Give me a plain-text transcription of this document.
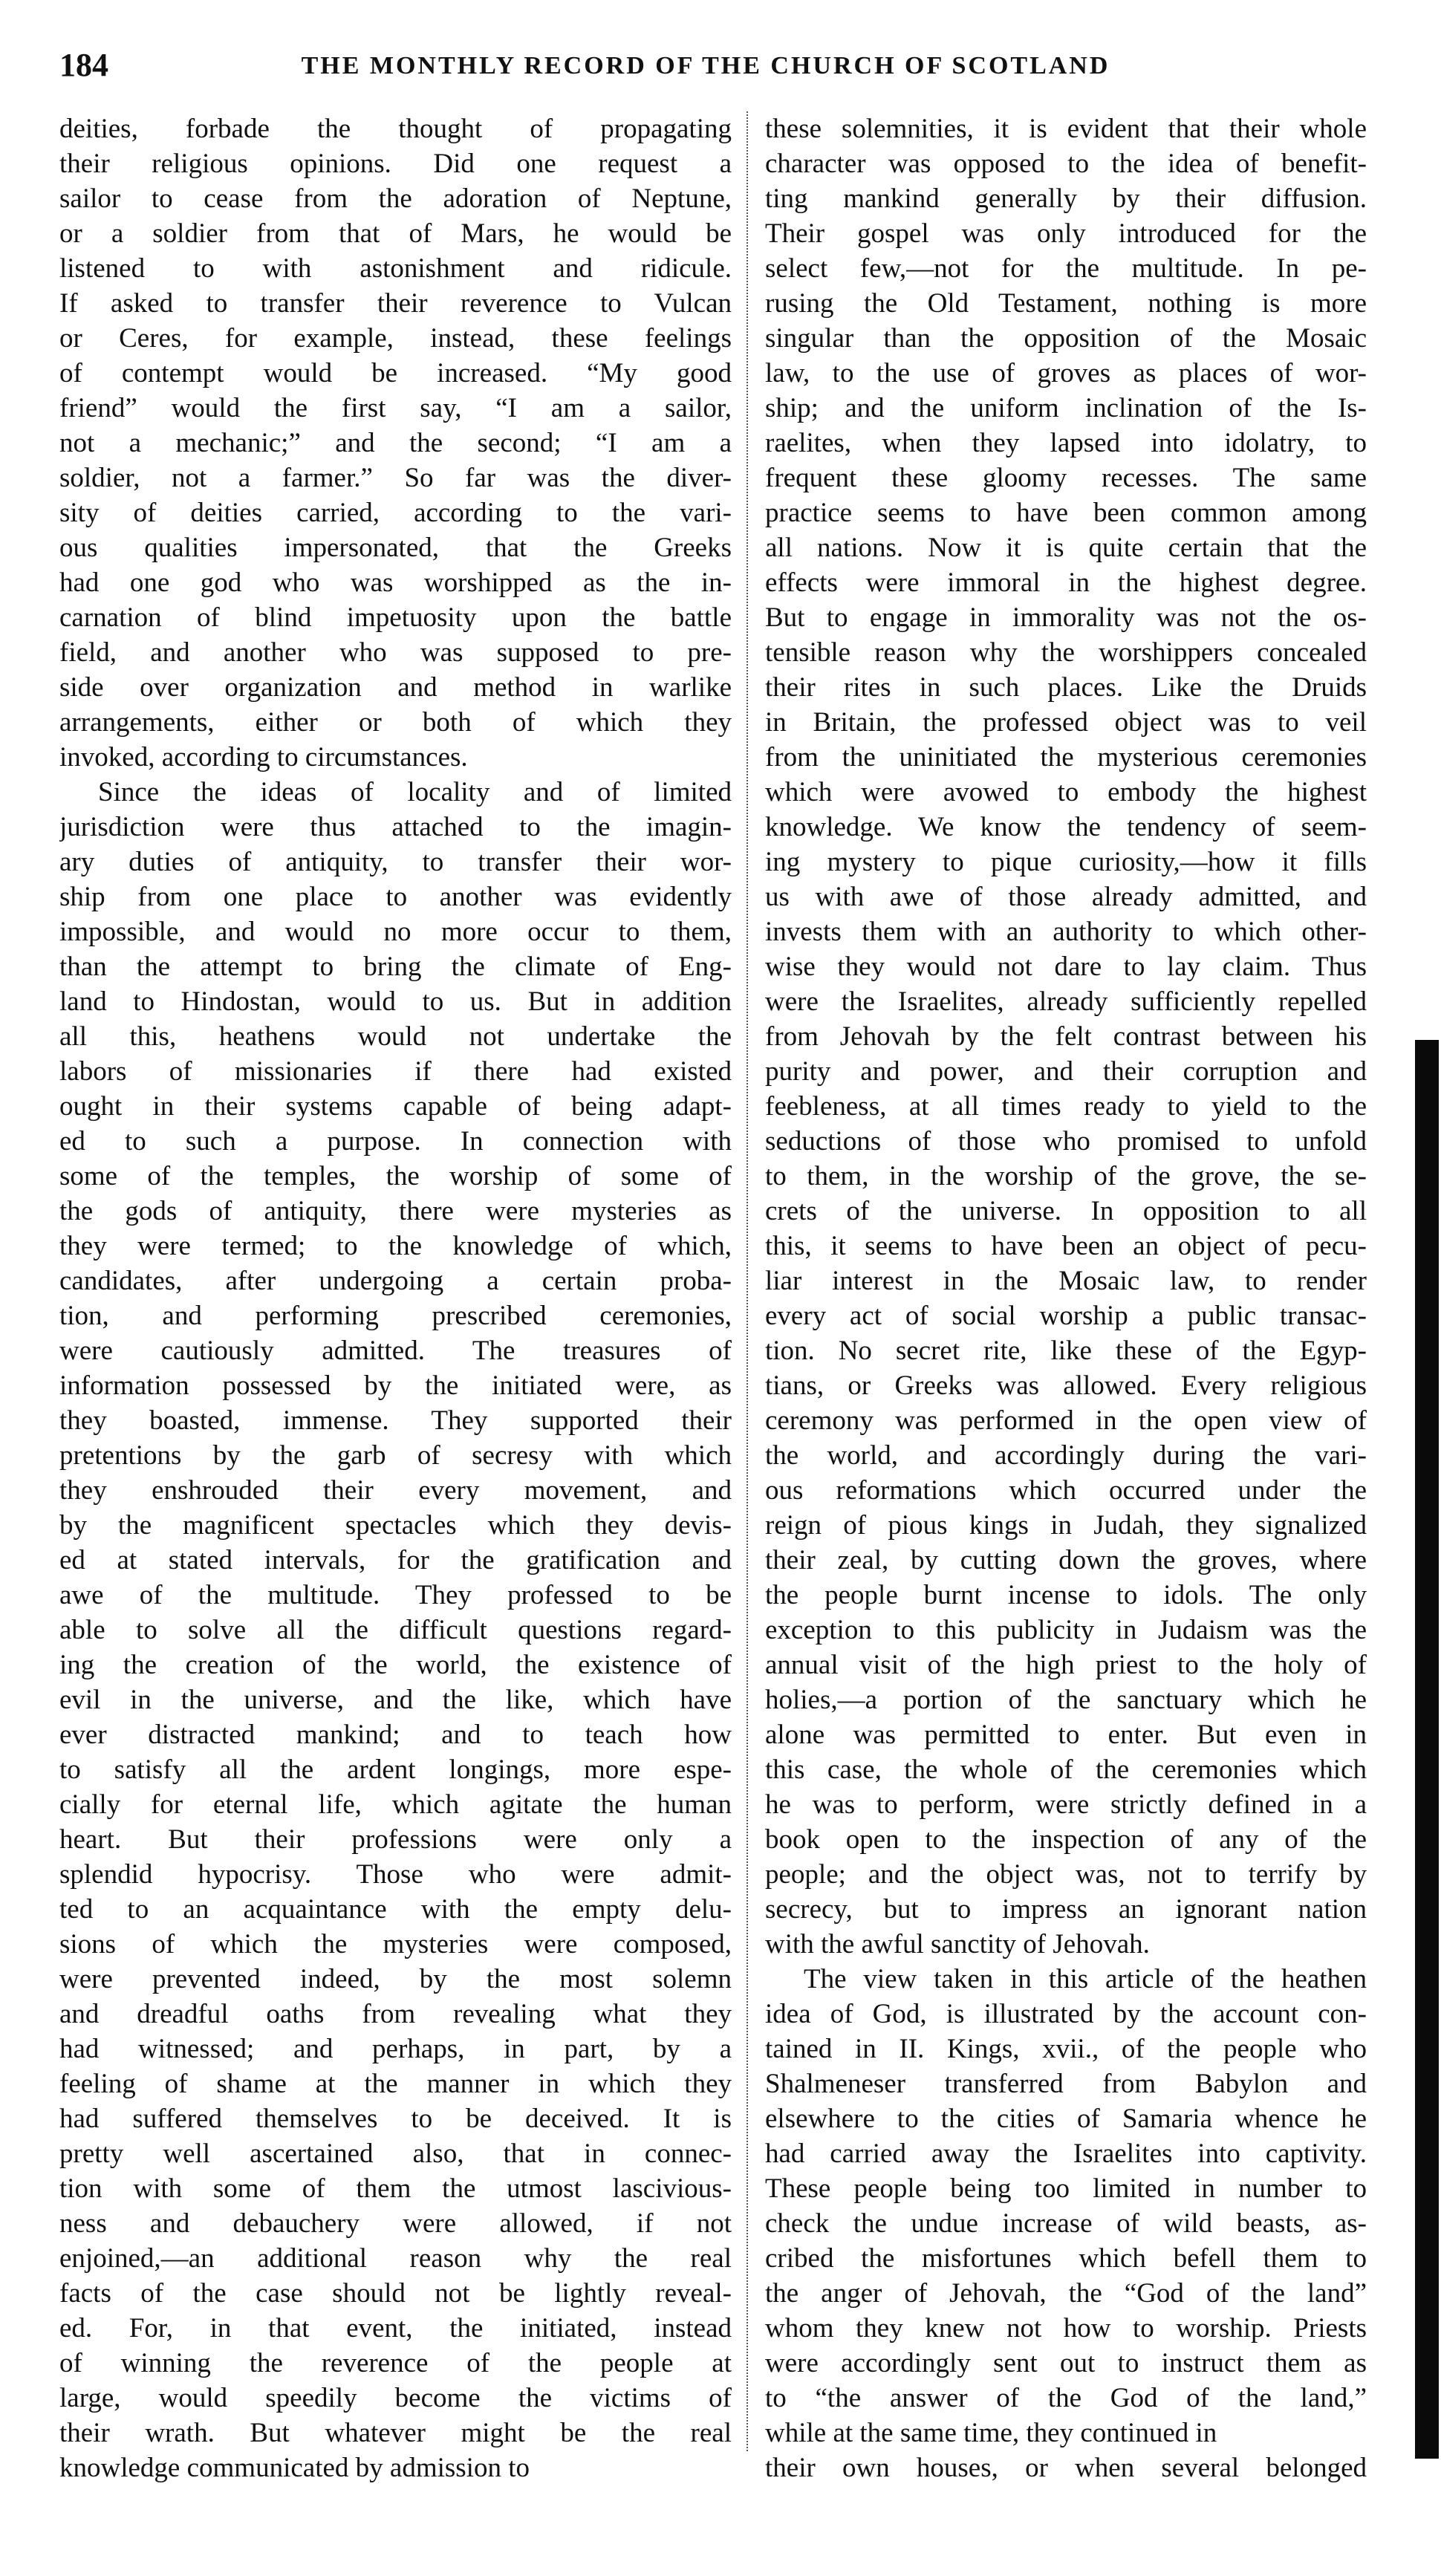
184	THE MONTHLY RECORD OF THE CHURCH OF SCOTLAND
deities, forbade the thought of propagating
their religious opinions. Did one request a
sailor to cease from the adoration of Neptune,
or a soldier from that of Mars, he would be
listened to with astonishment and ridicule.
If asked to transfer their reverence to Vulcan
or Ceres, for example, instead, these feelings
of contempt would be increased. “My good
friend” would the first say, “I am a sailor,
not a mechanic;” and the second; “I am a
soldier, not a farmer.” So far was the diver-
sity of deities carried, according to the vari-
ous qualities impersonated, that the Greeks
had one god who was worshipped as the in-
carnation of blind impetuosity upon the battle
field, and another who was supposed to pre-
side over organization and method in warlike
arrangements, either or both of which they
invoked, according to circumstances.
Since the ideas of locality and of limited
jurisdiction were thus attached to the imagin-
ary duties of antiquity, to transfer their wor-
ship from one place to another was evidently
impossible, and would no more occur to them,
than the attempt to bring the climate of Eng-
land to Hindostan, would to us. But in addition
all this, heathens would not undertake the
labors of missionaries if there had existed
ought in their systems capable of being adapt-
ed to such a purpose. In connection with
some of the temples, the worship of some of
the gods of antiquity, there were mysteries as
they were termed; to the knowledge of which,
candidates, after undergoing a certain proba-
tion, and performing prescribed ceremonies,
were cautiously admitted. The treasures of
information possessed by the initiated were, as
they boasted, immense. They supported their
pretentions by the garb of secresy with which
they enshrouded their every movement, and
by the magnificent spectacles which they devis-
ed at stated intervals, for the gratification and
awe of the multitude. They professed to be
able to solve all the difficult questions regard-
ing the creation of the world, the existence of
evil in the universe, and the like, which have
ever distracted mankind; and to teach how
to satisfy all the ardent longings, more espe-
cially for eternal life, which agitate the human
heart. But their professions were only a
splendid hypocrisy. Those who were admit-
ted to an acquaintance with the empty delu-
sions of which the mysteries were composed,
were prevented indeed, by the most solemn
and dreadful oaths from revealing what they
had witnessed; and perhaps, in part, by a
feeling of shame at the manner in which they
had suffered themselves to be deceived. It is
pretty well ascertained also, that in connec-
tion with some of them the utmost lascivious-
ness and debauchery were allowed, if not
enjoined,—an additional reason why the real
facts of the case should not be lightly reveal-
ed. For, in that event, the initiated, instead
of winning the reverence of the people at
large, would speedily become the victims of
their wrath. But whatever might be the real
knowledge communicated by admission to
these solemnities, it is evident that their whole
character was opposed to the idea of benefit-
ting mankind generally by their diffusion.
Their gospel was only introduced for the
select few,—not for the multitude. In pe-
rusing the Old Testament, nothing is more
singular than the opposition of the Mosaic
law, to the use of groves as places of wor-
ship; and the uniform inclination of the Is-
raelites, when they lapsed into idolatry, to
frequent these gloomy recesses. The same
practice seems to have been common among
all nations. Now it is quite certain that the
effects were immoral in the highest degree.
But to engage in immorality was not the os-
tensible reason why the worshippers concealed
their rites in such places. Like the Druids
in Britain, the professed object was to veil
from the uninitiated the mysterious ceremonies
which were avowed to embody the highest
knowledge. We know the tendency of seem-
ing mystery to pique curiosity,—how it fills
us with awe of those already admitted, and
invests them with an authority to which other-
wise they would not dare to lay claim. Thus
were the Israelites, already sufficiently repelled
from Jehovah by the felt contrast between his
purity and power, and their corruption and
feebleness, at all times ready to yield to the
seductions of those who promised to unfold
to them, in the worship of the grove, the se-
crets of the universe. In opposition to all
this, it seems to have been an object of pecu-
liar interest in the Mosaic law, to render
every act of social worship a public transac-
tion. No secret rite, like these of the Egyp-
tians, or Greeks was allowed. Every religious
ceremony was performed in the open view of
the world, and accordingly during the vari-
ous reformations which occurred under the
reign of pious kings in Judah, they signalized
their zeal, by cutting down the groves, where
the people burnt incense to idols. The only
exception to this publicity in Judaism was the
annual visit of the high priest to the holy of
holies,—a portion of the sanctuary which he
alone was permitted to enter. But even in
this case, the whole of the ceremonies which
he was to perform, were strictly defined in a
book open to the inspection of any of the
people; and the object was, not to terrify by
secrecy, but to impress an ignorant nation
with the awful sanctity of Jehovah.
The view taken in this article of the heathen
idea of God, is illustrated by the account con-
tained in II. Kings, xvii., of the people who
Shalmeneser transferred from Babylon and
elsewhere to the cities of Samaria whence he
had carried away the Israelites into captivity.
These people being too limited in number to
check the undue increase of wild beasts, as-
cribed the misfortunes which befell them to
the anger of Jehovah, the “God of the land”
whom they knew not how to worship. Priests
were accordingly sent out to instruct them as
to “the answer of the God of the land,”
while at the same time, they continued in
their own houses, or when several belonged
